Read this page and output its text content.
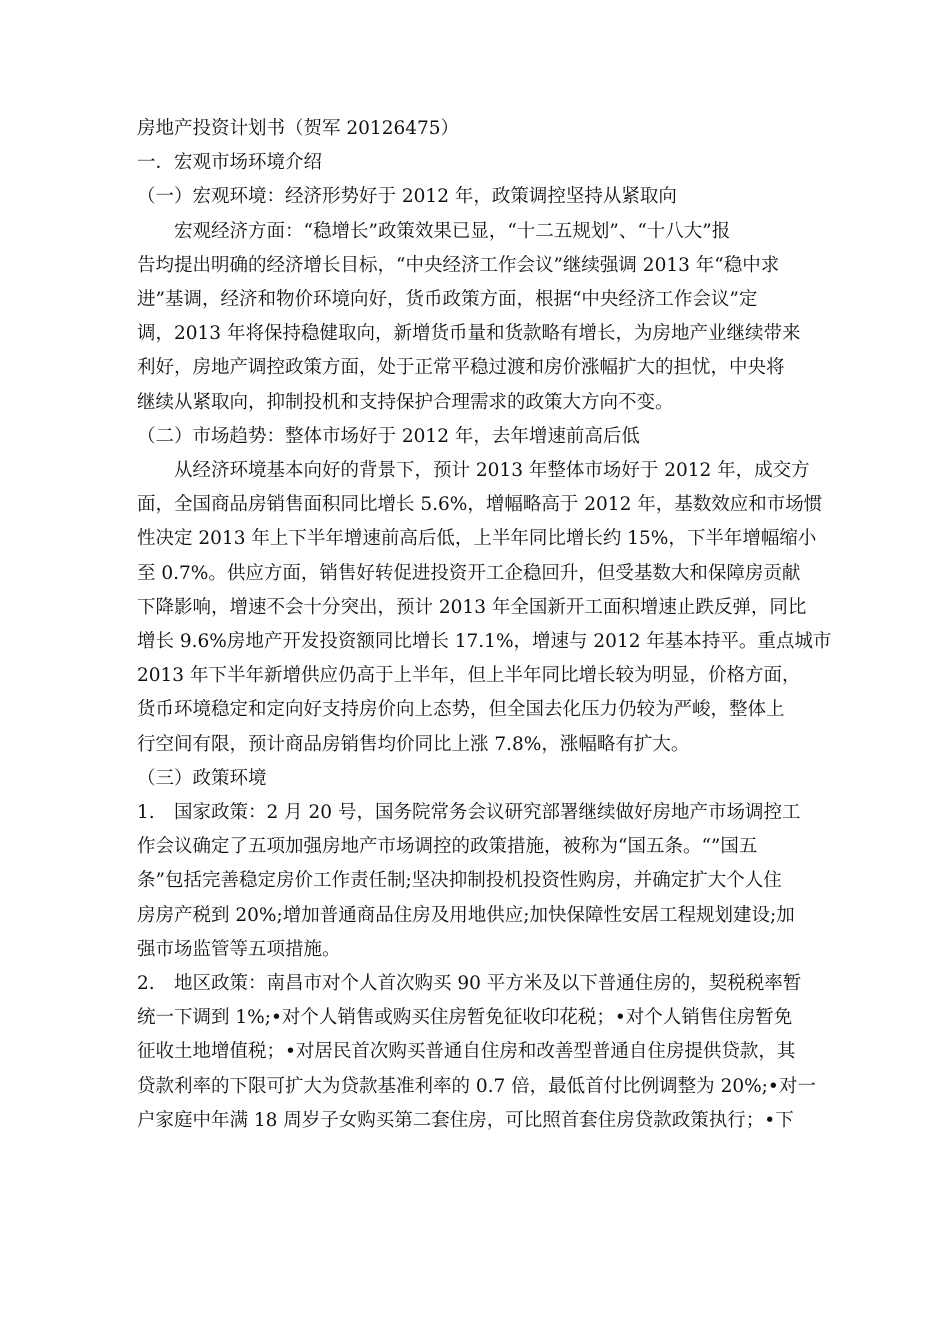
房地产投资计划书（贺军 20126475）

一．宏观市场环境介绍

（一）宏观环境：经济形势好于 2012 年，政策调控坚持从紧取向

宏观经济方面：“稳增长”政策效果已显，“十二五规划”、“十八大”报

告均提出明确的经济增长目标，“中央经济工作会议”继续强调 2013 年“稳中求

进”基调，经济和物价环境向好，货币政策方面，根据“中央经济工作会议”定

调，2013 年将保持稳健取向，新增货币量和货款略有增长，为房地产业继续带来

利好，房地产调控政策方面，处于正常平稳过渡和房价涨幅扩大的担忧，中央将

继续从紧取向，抑制投机和支持保护合理需求的政策大方向不变。

（二）市场趋势：整体市场好于 2012 年，去年增速前高后低

从经济环境基本向好的背景下，预计 2013 年整体市场好于 2012 年，成交方

面，全国商品房销售面积同比增长 5.6%，增幅略高于 2012 年，基数效应和市场惯

性决定 2013 年上下半年增速前高后低，上半年同比增长约 15%，下半年增幅缩小

至 0.7%。供应方面，销售好转促进投资开工企稳回升，但受基数大和保障房贡献

下降影响，增速不会十分突出，预计 2013 年全国新开工面积增速止跌反弹，同比

增长 9.6%房地产开发投资额同比增长 17.1%，增速与 2012 年基本持平。重点城市

2013 年下半年新增供应仍高于上半年，但上半年同比增长较为明显，价格方面，

货币环境稳定和定向好支持房价向上态势，但全国去化压力仍较为严峻，整体上

行空间有限，预计商品房销售均价同比上涨 7.8%，涨幅略有扩大。

（三）政策环境

1. 国家政策：2 月 20 号，国务院常务会议研究部署继续做好房地产市场调控工

作会议确定了五项加强房地产市场调控的政策措施，被称为“国五条。“”国五

条”包括完善稳定房价工作责任制;坚决抑制投机投资性购房，并确定扩大个人住

房房产税到 20%;增加普通商品住房及用地供应;加快保障性安居工程规划建设;加

强市场监管等五项措施。

2. 地区政策：南昌市对个人首次购买 90 平方米及以下普通住房的，契税税率暂

统一下调到 1%;•对个人销售或购买住房暂免征收印花税；•对个人销售住房暂免

征收土地增值税；•对居民首次购买普通自住房和改善型普通自住房提供贷款，其

贷款利率的下限可扩大为贷款基准利率的 0.7 倍，最低首付比例调整为 20%;•对一

户家庭中年满 18 周岁子女购买第二套住房，可比照首套住房贷款政策执行；•下
